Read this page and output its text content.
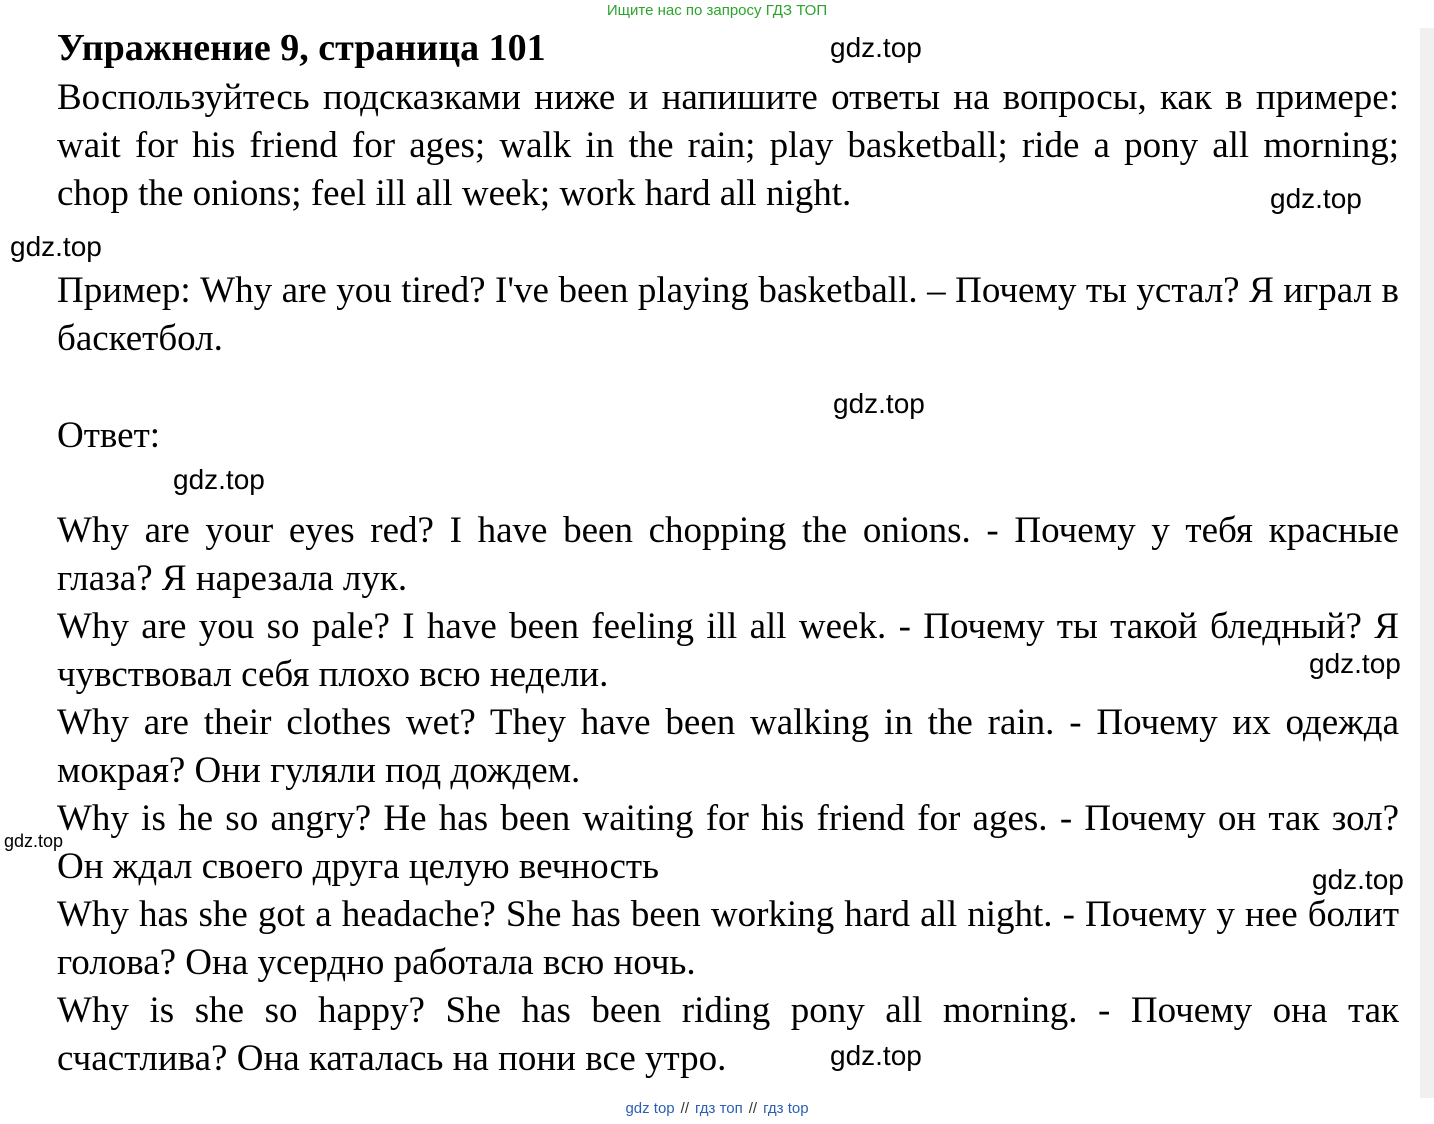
Ищите нас по запросу ГДЗ ТОП
Упражнение 9, страница 101

Воспользуйтесь подсказками ниже и напишите ответы на вопросы, как в примере: wait for his friend for ages; walk in the rain; play basketball; ride a pony all morning; chop the onions; feel ill all week; work hard all night.

Пример: Why are you tired? I've been playing basketball. – Почему ты устал? Я играл в баскетбол.

Ответ:

Why are your eyes red? I have been chopping the onions. - Почему у тебя красные глаза? Я нарезала лук.
Why are you so pale? I have been feeling ill all week. - Почему ты такой бледный? Я чувствовал себя плохо всю недели.
Why are their clothes wet? They have been walking in the rain. - Почему их одежда мокрая? Они гуляли под дождем.
Why is he so angry? He has been waiting for his friend for ages. - Почему он так зол? Он ждал своего друга целую вечность
Why has she got a headache? She has been working hard all night. - Почему у нее болит голова? Она усердно работала всю ночь.
Why is she so happy? She has been riding pony all morning. - Почему она так счастлива? Она каталась на пони все утро.
gdz.top
gdz.top
gdz.top
gdz.top
gdz.top
gdz.top
gdz.top
gdz.top
gdz.top
gdz top // гдз топ // гдз top
